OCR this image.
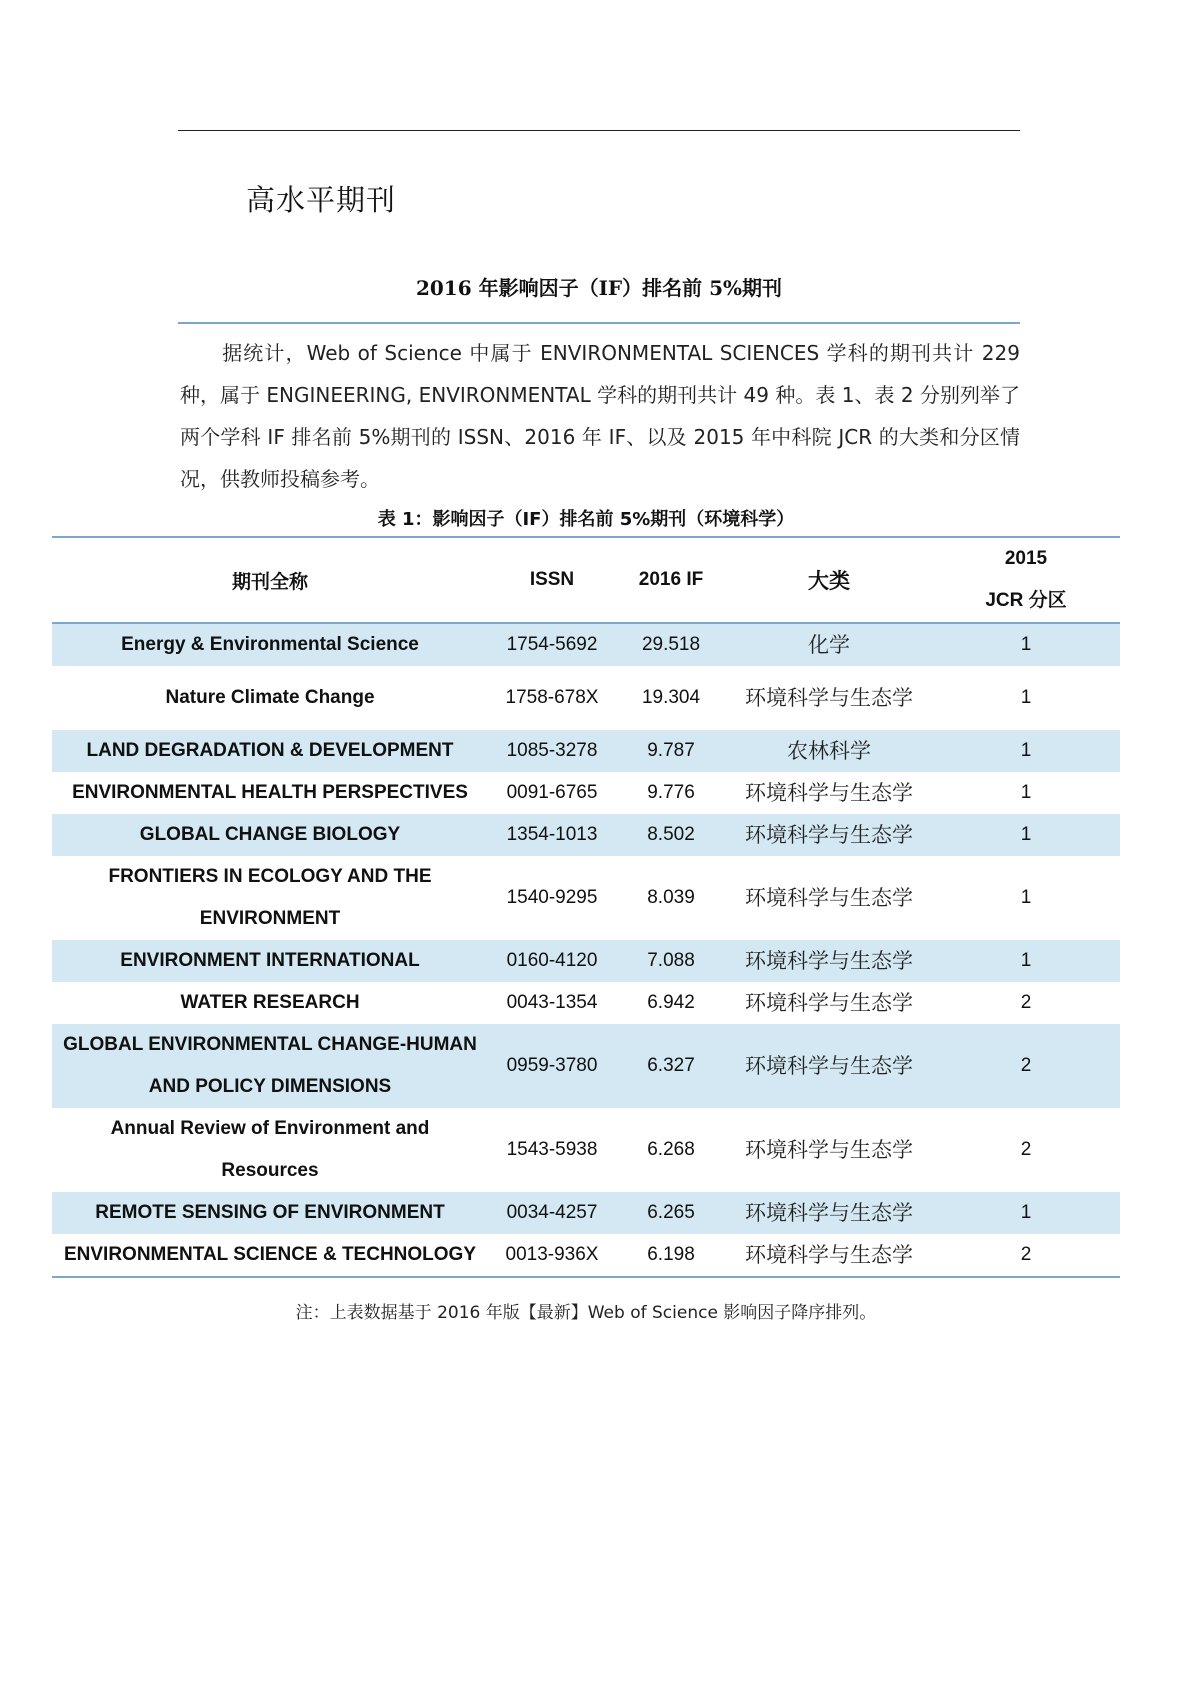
高水平期刊
2016 年影响因子（IF）排名前 5%期刊

　　据统计，Web of Science 中属于 ENVIRONMENTAL SCIENCES 学科的期刊共计 229 种，属于 ENGINEERING, ENVIRONMENTAL 学科的期刊共计 49 种。表 1、表 2 分别列举了两个学科 IF 排名前 5%期刊的 ISSN、2016 年 IF、以及 2015 年中科院 JCR 的大类和分区情况，供教师投稿参考。

表 1：影响因子（IF）排名前 5%期刊（环境科学）
期刊全称	ISSN	2016 IF	大类	2015
JCR 分区

Energy & Environmental Science	1754-5692	29.518	化学	1
Nature Climate Change	1758-678X	19.304	环境科学与生态学	1
LAND DEGRADATION & DEVELOPMENT	1085-3278	9.787	农林科学	1
ENVIRONMENTAL HEALTH PERSPECTIVES	0091-6765	9.776	环境科学与生态学	1
GLOBAL CHANGE BIOLOGY	1354-1013	8.502	环境科学与生态学	1
FRONTIERS IN ECOLOGY AND THE ENVIRONMENT	1540-9295	8.039	环境科学与生态学	1
ENVIRONMENT INTERNATIONAL	0160-4120	7.088	环境科学与生态学	1
WATER RESEARCH	0043-1354	6.942	环境科学与生态学	2
GLOBAL ENVIRONMENTAL CHANGE-HUMAN AND POLICY DIMENSIONS	0959-3780	6.327	环境科学与生态学	2
Annual Review of Environment and Resources	1543-5938	6.268	环境科学与生态学	2
REMOTE SENSING OF ENVIRONMENT	0034-4257	6.265	环境科学与生态学	1
ENVIRONMENTAL SCIENCE & TECHNOLOGY	0013-936X	6.198	环境科学与生态学	2
注：上表数据基于 2016 年版【最新】Web of Science 影响因子降序排列。
